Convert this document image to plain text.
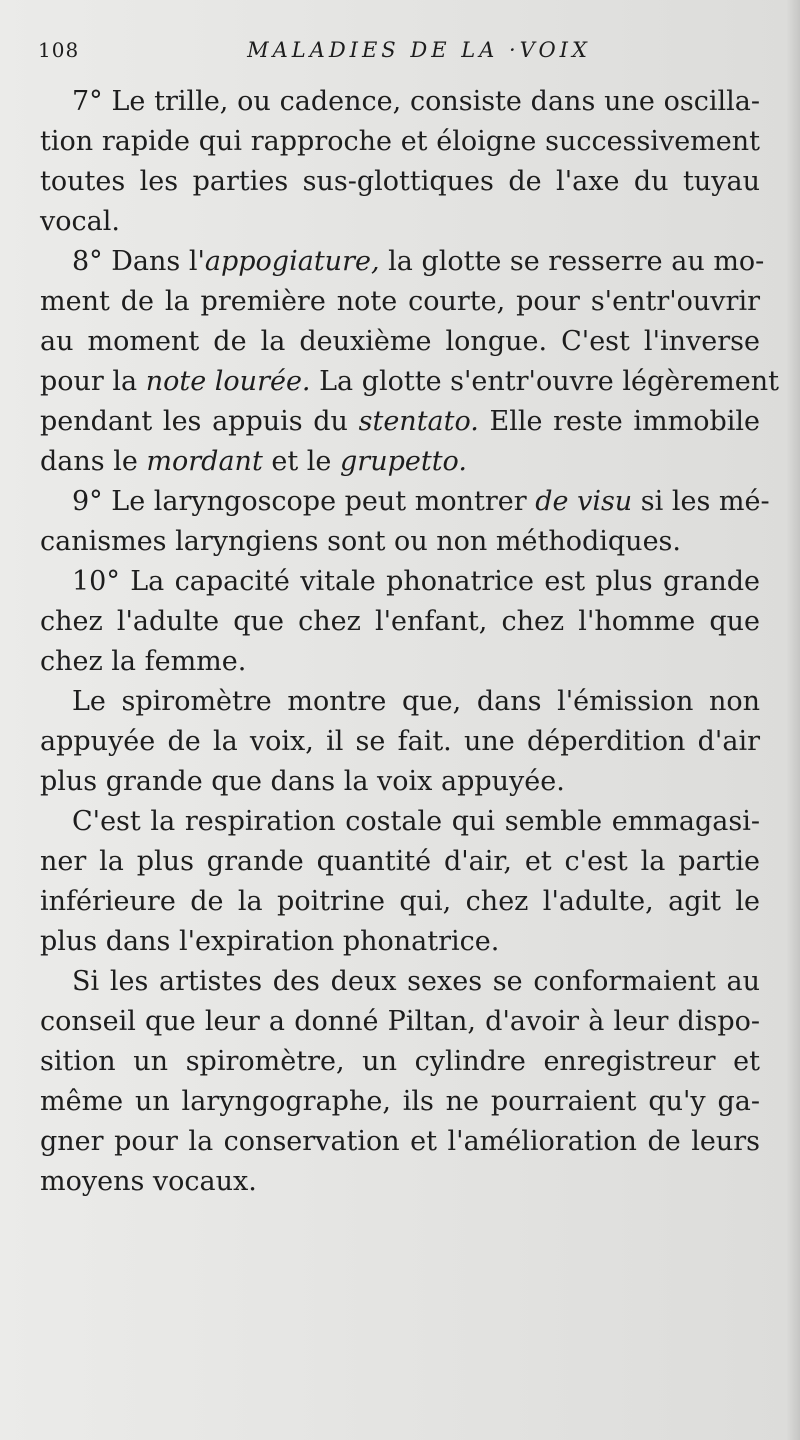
108	MALADIES DE LA ·VOIX
7° Le trille, ou cadence, consiste dans une oscilla-
tion rapide qui rapproche et éloigne successivement
toutes les parties sus-glottiques de l'axe du tuyau
vocal.
8° Dans l'appogiature, la glotte se resserre au mo-
ment de la première note courte, pour s'entr'ouvrir
au moment de la deuxième longue. C'est l'inverse
pour la note lourée. La glotte s'entr'ouvre légèrement
pendant les appuis du stentato. Elle reste immobile
dans le mordant et le grupetto.
9° Le laryngoscope peut montrer de visu si les mé-
canismes laryngiens sont ou non méthodiques.
10° La capacité vitale phonatrice est plus grande
chez l'adulte que chez l'enfant, chez l'homme que
chez la femme.
Le spiromètre montre que, dans l'émission non
appuyée de la voix, il se fait. une déperdition d'air
plus grande que dans la voix appuyée.
C'est la respiration costale qui semble emmagasi-
ner la plus grande quantité d'air, et c'est la partie
inférieure de la poitrine qui, chez l'adulte, agit le
plus dans l'expiration phonatrice.
Si les artistes des deux sexes se conformaient au
conseil que leur a donné Piltan, d'avoir à leur dispo-
sition un spiromètre, un cylindre enregistreur et
même un laryngographe, ils ne pourraient qu'y ga-
gner pour la conservation et l'amélioration de leurs
moyens vocaux.
